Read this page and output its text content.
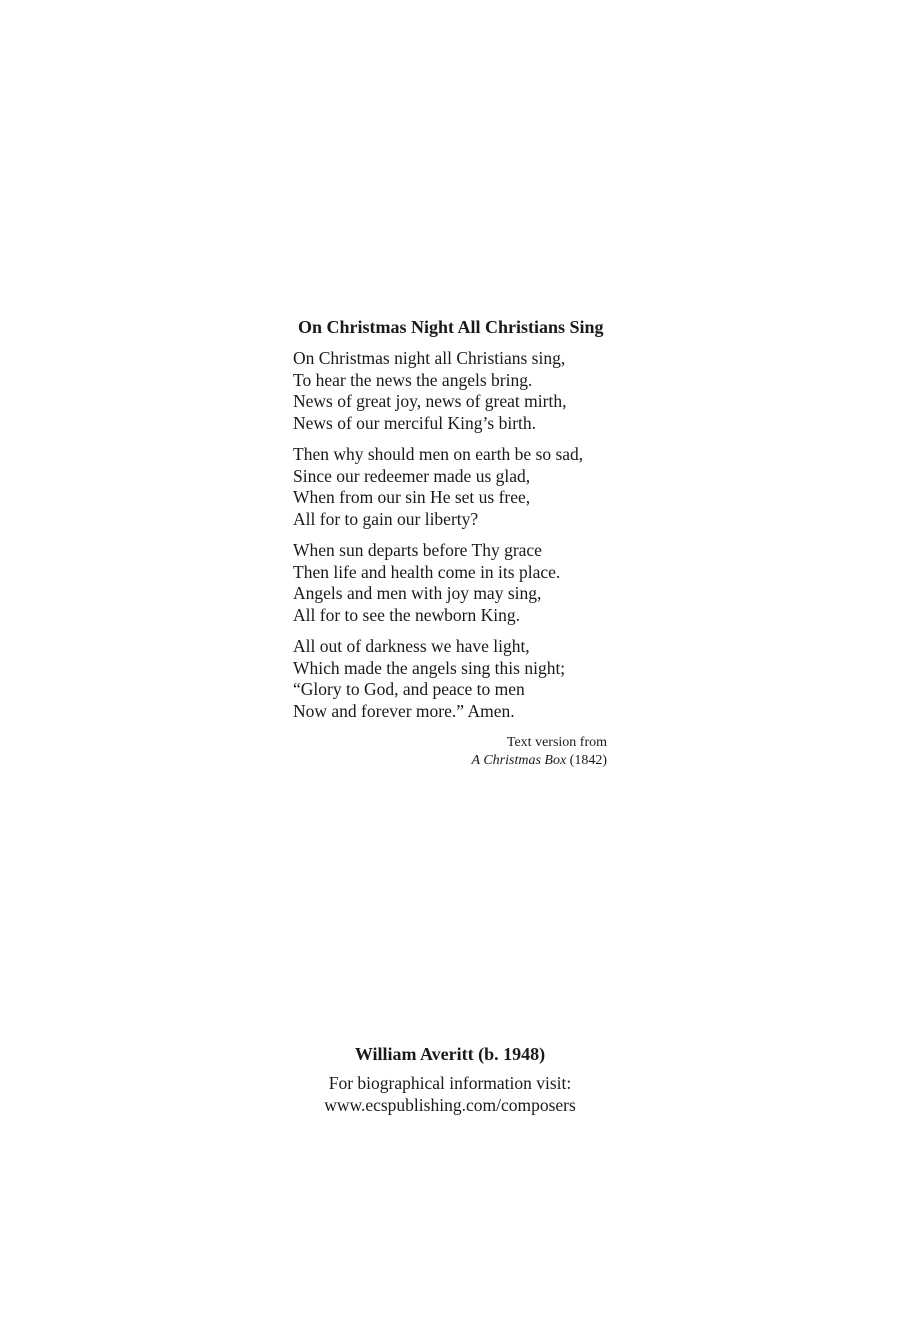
On Christmas Night All Christians Sing
On Christmas night all Christians sing,
To hear the news the angels bring.
News of great joy, news of great mirth,
News of our merciful King’s birth.
Then why should men on earth be so sad,
Since our redeemer made us glad,
When from our sin He set us free,
All for to gain our liberty?
When sun departs before Thy grace
Then life and health come in its place.
Angels and men with joy may sing,
All for to see the newborn King.
All out of darkness we have light,
Which made the angels sing this night;
“Glory to God, and peace to men
Now and forever more.” Amen.
Text version from
A Christmas Box (1842)
William Averitt (b. 1948)
For biographical information visit:
www.ecspublishing.com/composers
